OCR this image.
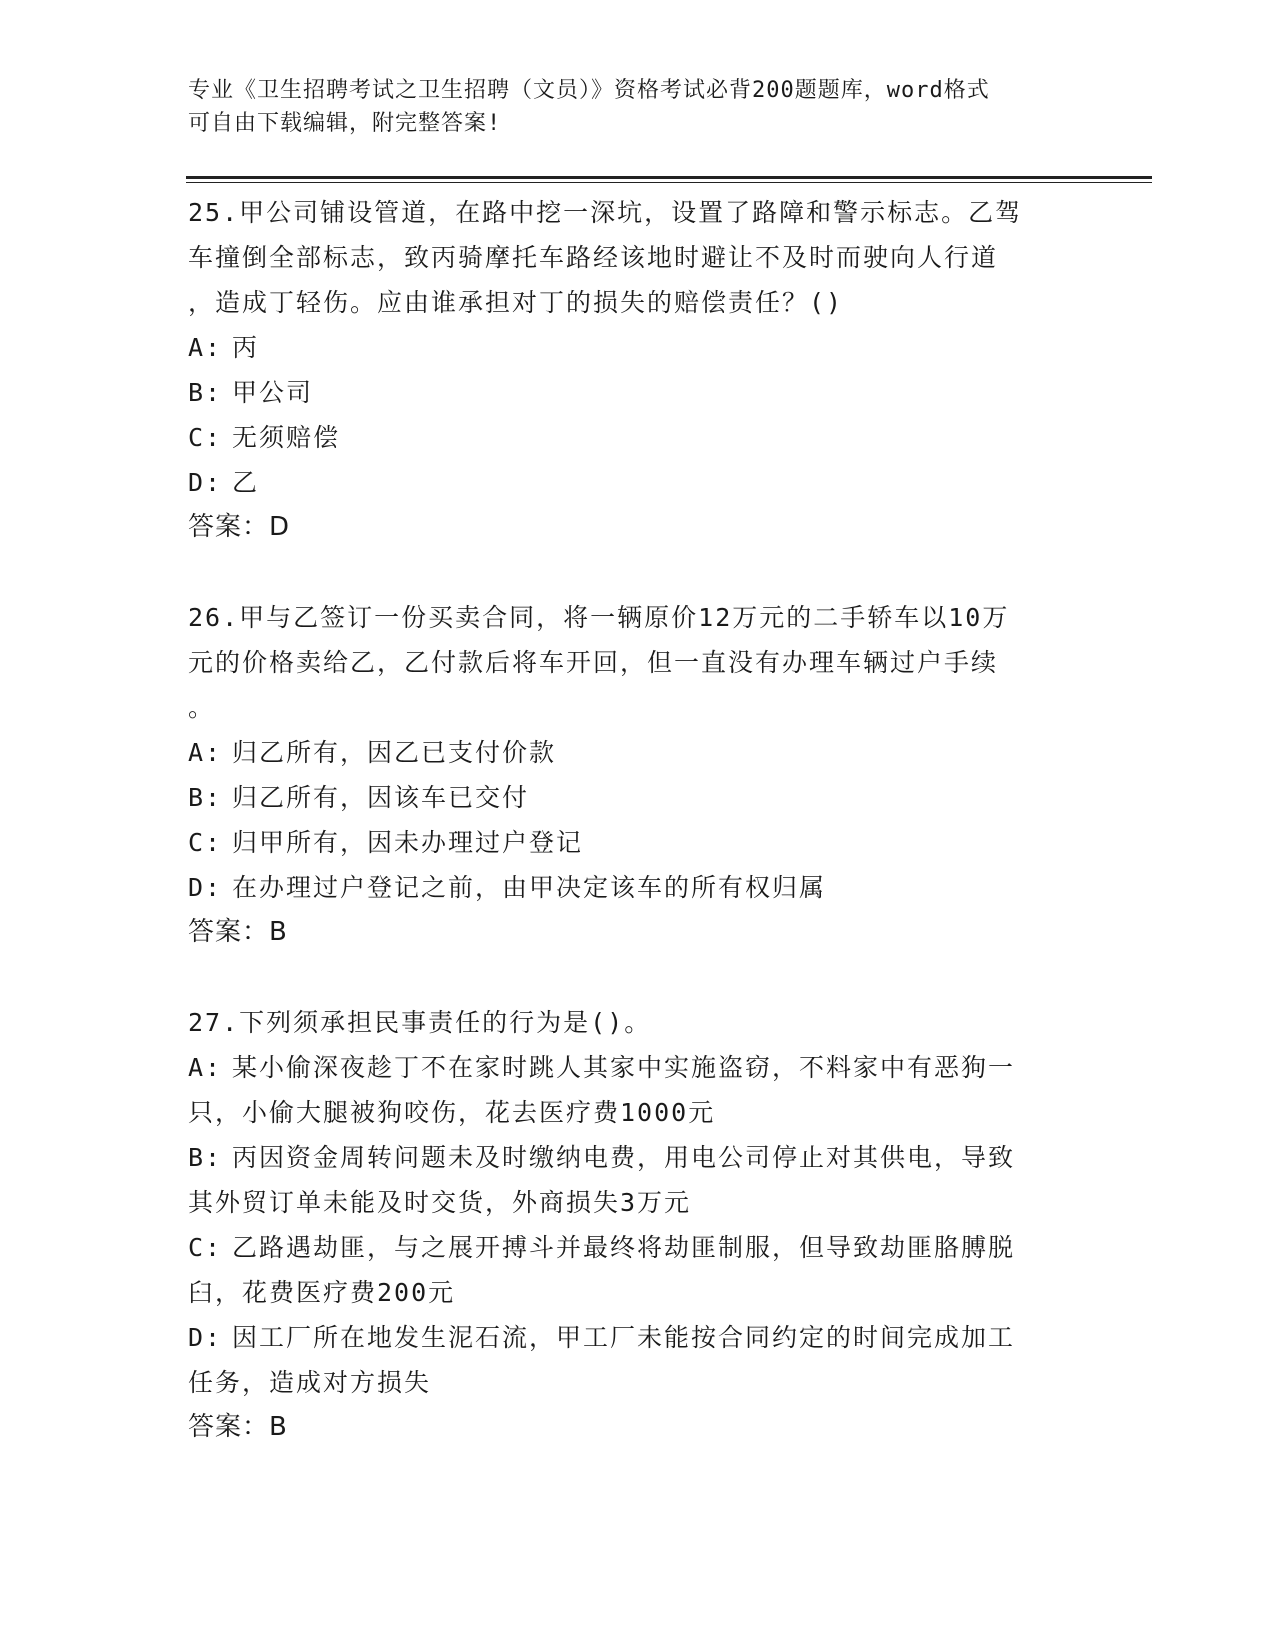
专业《卫生招聘考试之卫生招聘（文员）》资格考试必背200题题库，word格式
可自由下载编辑，附完整答案!
25.甲公司铺设管道，在路中挖一深坑，设置了路障和警示标志。乙驾
车撞倒全部标志，致丙骑摩托车路经该地时避让不及时而驶向人行道
，造成丁轻伤。应由谁承担对丁的损失的赔偿责任？()
A: 丙
B: 甲公司
C: 无须赔偿
D: 乙
答案：D
26.甲与乙签订一份买卖合同，将一辆原价12万元的二手轿车以10万
元的价格卖给乙，乙付款后将车开回，但一直没有办理车辆过户手续
。
A: 归乙所有，因乙已支付价款
B: 归乙所有，因该车已交付
C: 归甲所有，因未办理过户登记
D: 在办理过户登记之前，由甲决定该车的所有权归属
答案：B
27.下列须承担民事责任的行为是()。
A: 某小偷深夜趁丁不在家时跳人其家中实施盗窃，不料家中有恶狗一
只，小偷大腿被狗咬伤，花去医疗费1000元
B: 丙因资金周转问题未及时缴纳电费，用电公司停止对其供电，导致
其外贸订单未能及时交货，外商损失3万元
C: 乙路遇劫匪，与之展开搏斗并最终将劫匪制服，但导致劫匪胳膊脱
臼，花费医疗费200元
D: 因工厂所在地发生泥石流，甲工厂未能按合同约定的时间完成加工
任务，造成对方损失
答案：B
